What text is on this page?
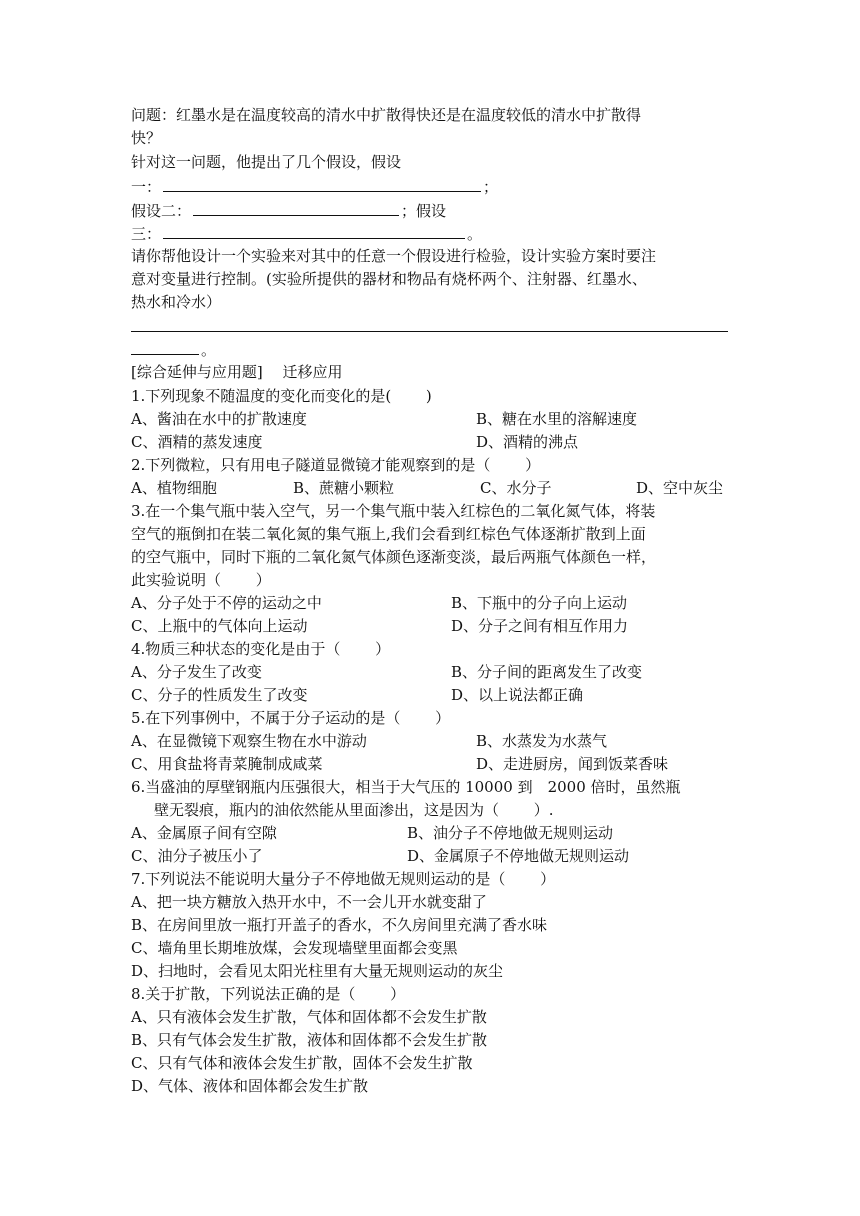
问题：红墨水是在温度较高的清水中扩散得快还是在温度较低的清水中扩散得
快？
针对这一问题，他提出了几个假设，假设
一：	；
假设二：	；假设
三：	。
请你帮他设计一个实验来对其中的任意一个假设进行检验，设计实验方案时要注
意对变量进行控制。(实验所提供的器材和物品有烧杯两个、注射器、红墨水、
热水和冷水）
。
[综合延伸与应用题]　 迁移应用
1.下列现象不随温度的变化而变化的是(　　 )
A、酱油在水中的扩散速度	B、糖在水里的溶解速度
C、酒精的蒸发速度	D、酒精的沸点
2.下列微粒，只有用电子隧道显微镜才能观察到的是（　　 ）
A、植物细胞	B、蔗糖小颗粒	C、水分子	D、空中灰尘
3.在一个集气瓶中装入空气，另一个集气瓶中装入红棕色的二氧化氮气体，将装
空气的瓶倒扣在装二氧化氮的集气瓶上,我们会看到红棕色气体逐渐扩散到上面
的空气瓶中，同时下瓶的二氧化氮气体颜色逐渐变淡，最后两瓶气体颜色一样，
此实验说明（　　 ）
A、分子处于不停的运动之中	B、下瓶中的分子向上运动
C、上瓶中的气体向上运动	D、分子之间有相互作用力
4.物质三种状态的变化是由于（　　 ）
A、分子发生了改变	B、分子间的距离发生了改变
C、分子的性质发生了改变	D、以上说法都正确
5.在下列事例中，不属于分子运动的是（　　 ）
A、在显微镜下观察生物在水中游动	B、水蒸发为水蒸气
C、用食盐将青菜腌制成咸菜	D、走进厨房，闻到饭菜香味
6.当盛油的厚壁钢瓶内压强很大，相当于大气压的 10000 到　2000 倍时，虽然瓶
壁无裂痕，瓶内的油依然能从里面渗出，这是因为（　　 ）.
A、金属原子间有空隙	B、油分子不停地做无规则运动
C、油分子被压小了	D、金属原子不停地做无规则运动
7.下列说法不能说明大量分子不停地做无规则运动的是（　　 ）
A、把一块方糖放入热开水中，不一会儿开水就变甜了
B、在房间里放一瓶打开盖子的香水，不久房间里充满了香水味
C、墙角里长期堆放煤，会发现墙壁里面都会变黑
D、扫地时，会看见太阳光柱里有大量无规则运动的灰尘
8.关于扩散，下列说法正确的是（　　 ）
A、只有液体会发生扩散，气体和固体都不会发生扩散
B、只有气体会发生扩散，液体和固体都不会发生扩散
C、只有气体和液体会发生扩散，固体不会发生扩散
D、气体、液体和固体都会发生扩散
